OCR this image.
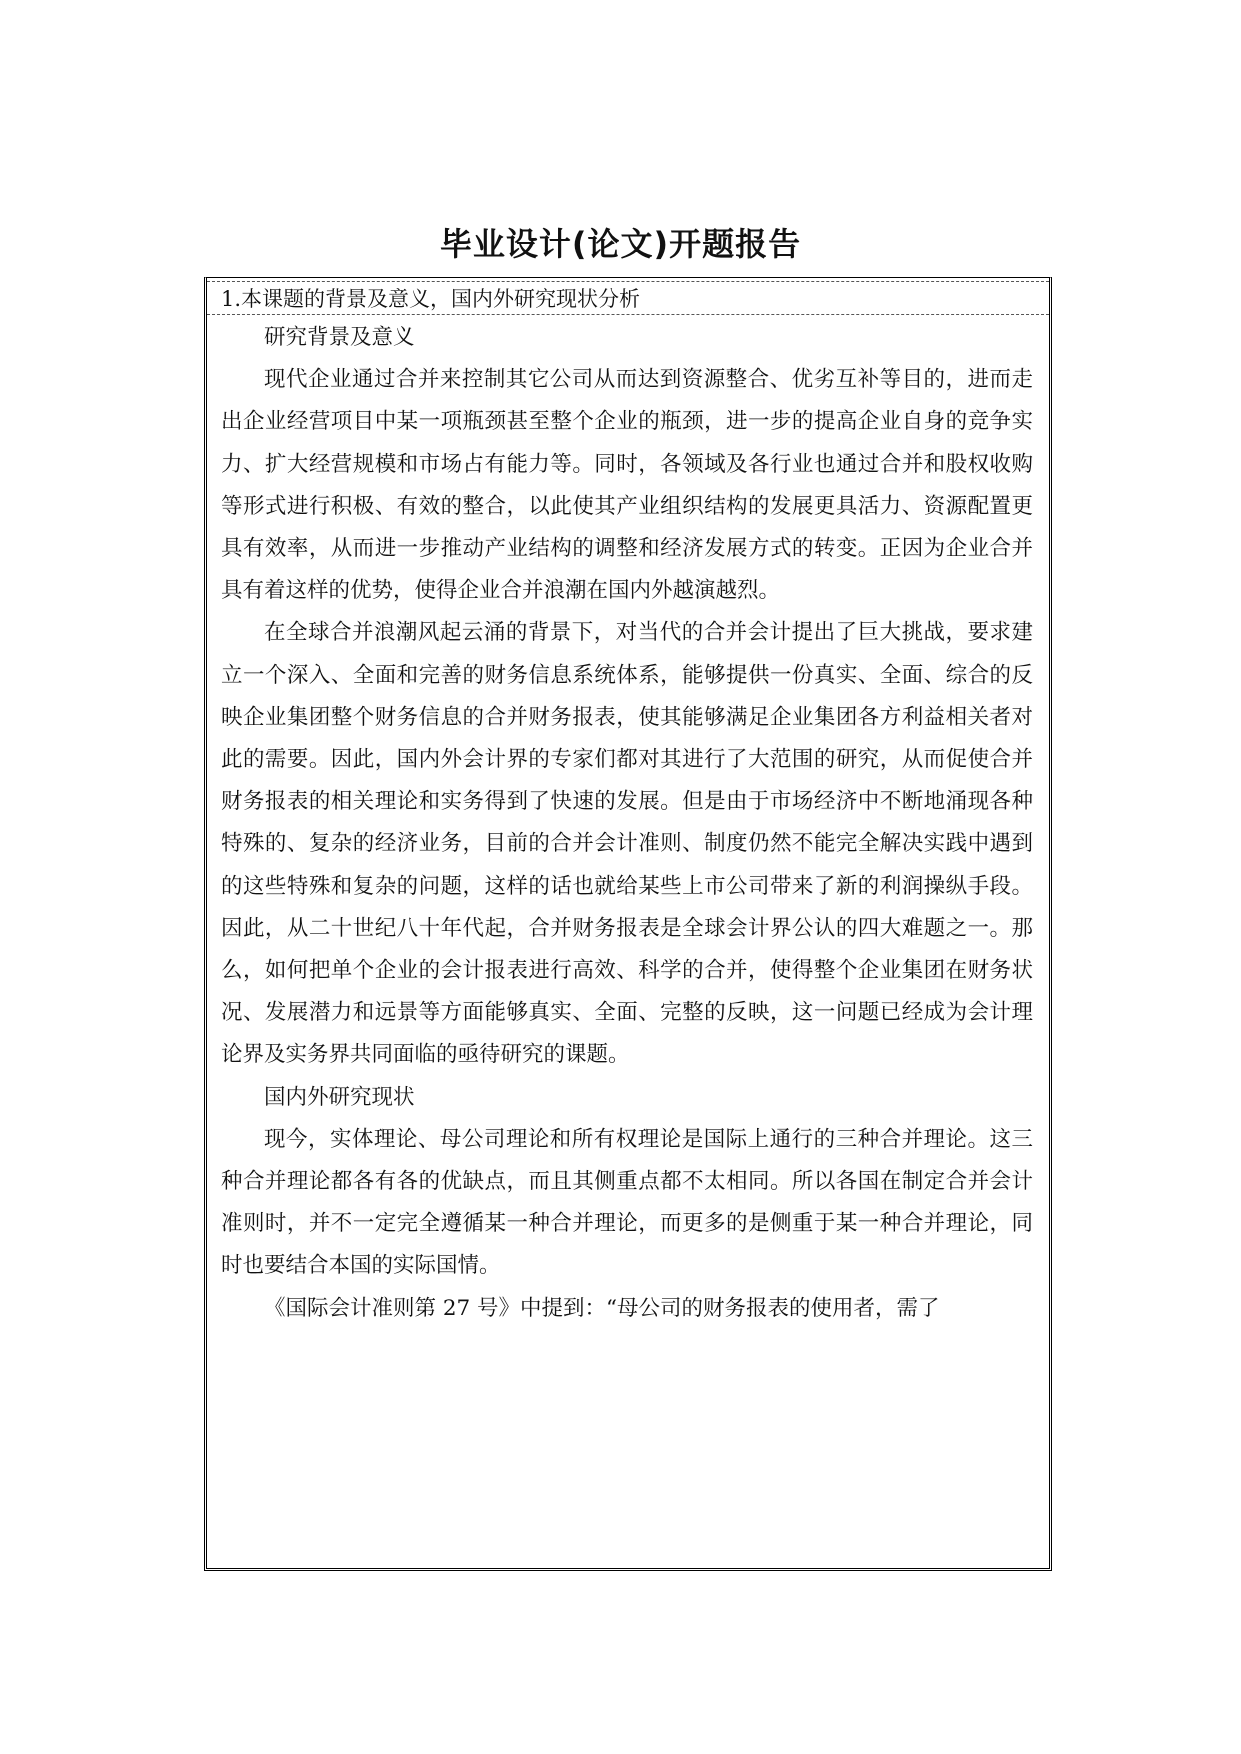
毕业设计(论文)开题报告
1.本课题的背景及意义，国内外研究现状分析

研究背景及意义

现代企业通过合并来控制其它公司从而达到资源整合、优劣互补等目的，进而走出企业经营项目中某一项瓶颈甚至整个企业的瓶颈，进一步的提高企业自身的竞争实力、扩大经营规模和市场占有能力等。同时，各领域及各行业也通过合并和股权收购等形式进行积极、有效的整合，以此使其产业组织结构的发展更具活力、资源配置更具有效率，从而进一步推动产业结构的调整和经济发展方式的转变。正因为企业合并具有着这样的优势，使得企业合并浪潮在国内外越演越烈。

在全球合并浪潮风起云涌的背景下，对当代的合并会计提出了巨大挑战，要求建立一个深入、全面和完善的财务信息系统体系，能够提供一份真实、全面、综合的反映企业集团整个财务信息的合并财务报表，使其能够满足企业集团各方利益相关者对此的需要。因此，国内外会计界的专家们都对其进行了大范围的研究，从而促使合并财务报表的相关理论和实务得到了快速的发展。但是由于市场经济中不断地涌现各种特殊的、复杂的经济业务，目前的合并会计准则、制度仍然不能完全解决实践中遇到的这些特殊和复杂的问题，这样的话也就给某些上市公司带来了新的利润操纵手段。因此，从二十世纪八十年代起，合并财务报表是全球会计界公认的四大难题之一。那么，如何把单个企业的会计报表进行高效、科学的合并，使得整个企业集团在财务状况、发展潜力和远景等方面能够真实、全面、完整的反映，这一问题已经成为会计理论界及实务界共同面临的亟待研究的课题。

国内外研究现状

现今，实体理论、母公司理论和所有权理论是国际上通行的三种合并理论。这三种合并理论都各有各的优缺点，而且其侧重点都不太相同。所以各国在制定合并会计准则时，并不一定完全遵循某一种合并理论，而更多的是侧重于某一种合并理论，同时也要结合本国的实际国情。

《国际会计准则第 27 号》中提到：“母公司的财务报表的使用者，需了
